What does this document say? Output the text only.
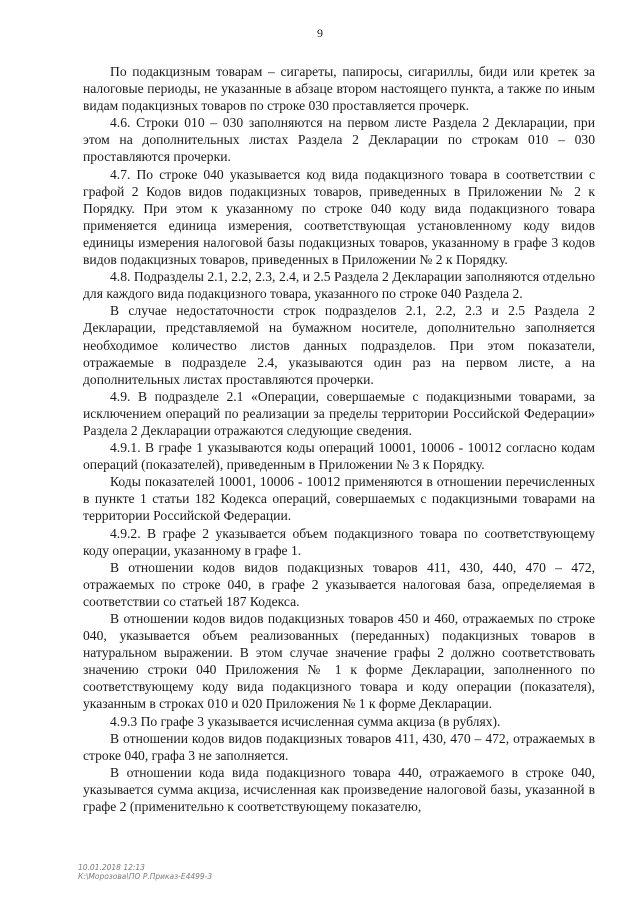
9

По подакцизным товарам – сигареты, папиросы, сигариллы, биди или кретек за налоговые периоды, не указанные в абзаце втором настоящего пункта, а также по иным видам подакцизных товаров по строке 030 проставляется прочерк.

4.6. Строки 010 – 030 заполняются на первом листе Раздела 2 Декларации, при этом на дополнительных листах Раздела 2 Декларации по строкам 010 – 030 проставляются прочерки.

4.7. По строке 040 указывается код вида подакцизного товара в соответствии с графой 2 Кодов видов подакцизных товаров, приведенных в Приложении № 2 к Порядку. При этом к указанному по строке 040 коду вида подакцизного товара применяется единица измерения, соответствующая установленному коду видов единицы измерения налоговой базы подакцизных товаров, указанному в графе 3 кодов видов подакцизных товаров, приведенных в Приложении № 2 к Порядку.

4.8. Подразделы 2.1, 2.2, 2.3, 2.4, и 2.5 Раздела 2 Декларации заполняются отдельно для каждого вида подакцизного товара, указанного по строке 040 Раздела 2.

В случае недостаточности строк подразделов 2.1, 2.2, 2.3 и 2.5 Раздела 2 Декларации, представляемой на бумажном носителе, дополнительно заполняется необходимое количество листов данных подразделов. При этом показатели, отражаемые в подразделе 2.4, указываются один раз на первом листе, а на дополнительных листах проставляются прочерки.

4.9. В подразделе 2.1 «Операции, совершаемые с подакцизными товарами, за исключением операций по реализации за пределы территории Российской Федерации» Раздела 2 Декларации отражаются следующие сведения.

4.9.1. В графе 1 указываются коды операций 10001, 10006 - 10012 согласно кодам операций (показателей), приведенным в Приложении № 3 к Порядку.

Коды показателей 10001, 10006 - 10012 применяются в отношении перечисленных в пункте 1 статьи 182 Кодекса операций, совершаемых с подакцизными товарами на территории Российской Федерации.

4.9.2. В графе 2 указывается объем подакцизного товара по соответствующему коду операции, указанному в графе 1.

В отношении кодов видов подакцизных товаров 411, 430, 440, 470 – 472, отражаемых по строке 040, в графе 2 указывается налоговая база, определяемая в соответствии со статьей 187 Кодекса.

В отношении кодов видов подакцизных товаров 450 и 460, отражаемых по строке 040, указывается объем реализованных (переданных) подакцизных товаров в натуральном выражении. В этом случае значение графы 2 должно соответствовать значению строки 040 Приложения № 1 к форме Декларации, заполненного по соответствующему коду вида подакцизного товара и коду операции (показателя), указанным в строках 010 и 020 Приложения № 1 к форме Декларации.

4.9.3 По графе 3 указывается исчисленная сумма акциза (в рублях).

В отношении кодов видов подакцизных товаров 411, 430, 470 – 472, отражаемых в строке 040, графа 3 не заполняется.

В отношении кода вида подакцизного товара 440, отражаемого в строке 040, указывается сумма акциза, исчисленная как произведение налоговой базы, указанной в графе 2 (применительно к соответствующему показателю,

10.01.2018 12:13
К:\Морозова\ПО Р.Приказ-Е4499-3
